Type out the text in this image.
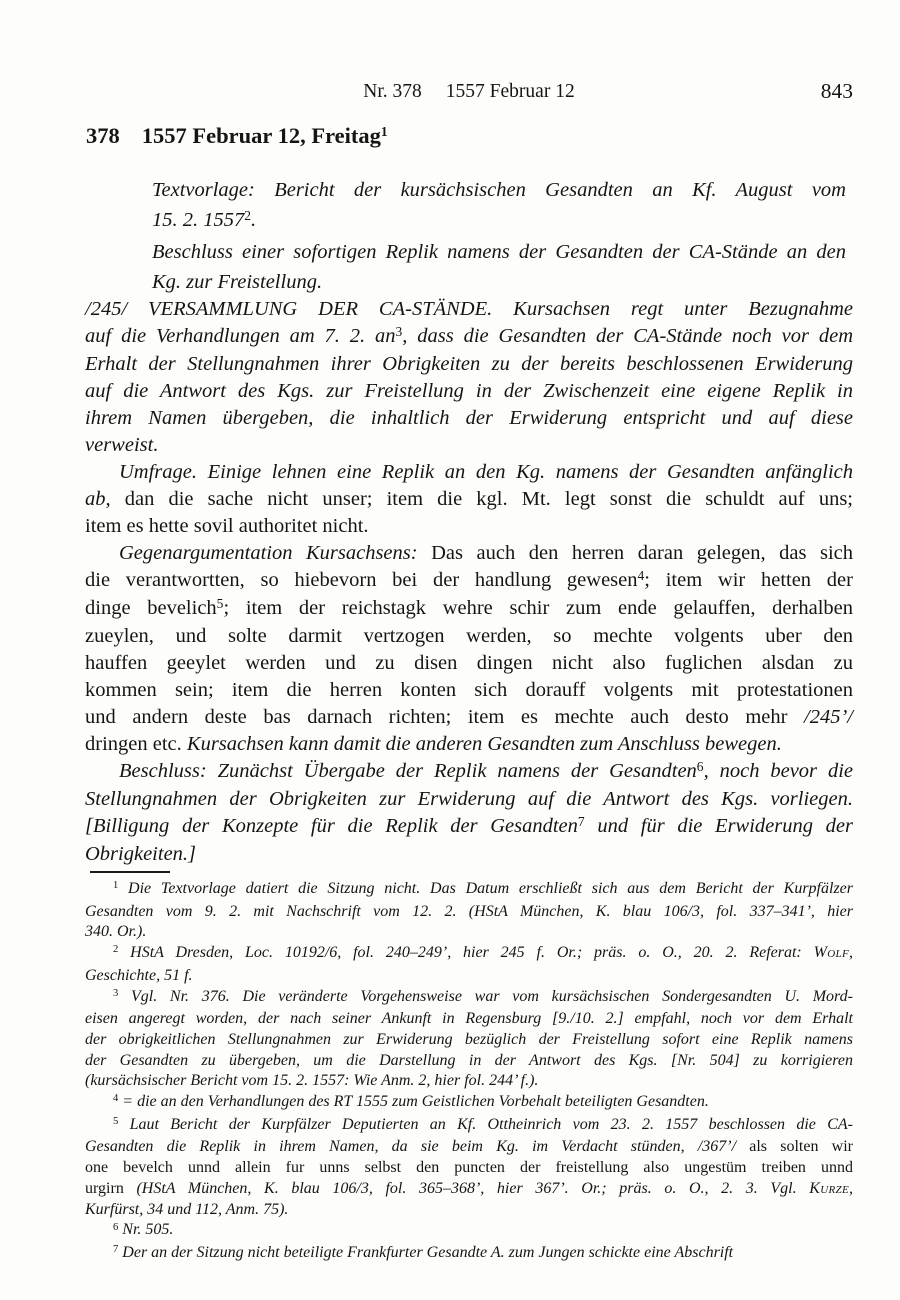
Nr. 378 1557 Februar 12	843
378 1557 Februar 12, Freitag$^1$
Textvorlage: Bericht der kursächsischen Gesandten an Kf. August vom
15. 2. 1557$^2$.
Beschluss einer sofortigen Replik namens der Gesandten der CA-Stände an den
Kg. zur Freistellung.
/245/ VERSAMMLUNG DER CA-STÄNDE. Kursachsen regt unter Bezugnahme
auf die Verhandlungen am 7. 2. $an^3$, dass die Gesandten der CA-Stände noch vor dem
Erhalt der Stellungnahmen ihrer Obrigkeiten zu der bereits beschlossenen Erwiderung
auf die Antwort des Kgs. zur Freistellung in der Zwischenzeit eine eigene Replik in
ihrem Namen übergeben, die inhaltlich der Erwiderung entspricht und auf diese
verweist.
Umfrage. Einige lehnen eine Replik an den Kg. namens der Gesandten anfänglich
ab, dan die sache nicht unser; item die kgl. Mt. legt sonst die schuldt auf uns;
item es hette sovil authoritet nicht.
Gegenargumentation Kursachsens: Das auch den herren daran gelegen, das sich
die verantwortten, so hiebevorn bei der handlung gewesen$^4$; item wir hetten der
dinge bevelich$^5$; item der reichstagk wehre schir zum ende gelauffen, derhalben
zueylen, und solte darmit vertzogen werden, so mechte volgents uber den
hauffen geeylet werden und zu disen dingen nicht also fuglichen alsdan zu
kommen sein; item die herren konten sich dorauff volgents mit protestationen
und andern deste bas darnach richten; item es mechte auch desto mehr /245’/
dringen etc. Kursachsen kann damit die anderen Gesandten zum Anschluss bewegen.
Beschluss: Zunächst Übergabe der Replik namens der Gesandten$^6$, noch bevor die
Stellungnahmen der Obrigkeiten zur Erwiderung auf die Antwort des Kgs. vorliegen.
[Billigung der Konzepte für die Replik der Gesandten$^7$ und für die Erwiderung der
Obrigkeiten.]
$^1$ Die Textvorlage datiert die Sitzung nicht. Das Datum erschließt sich aus dem Bericht der Kurpfälzer
Gesandten vom 9. 2. mit Nachschrift vom 12. 2. (HStA München, K. blau 106/3, fol. 337–341’, hier
340. Or.).
$^2$ HStA Dresden, Loc. 10192/6, fol. 240–249’, hier 245 f. Or.; präs. o. O., 20. 2. Referat: Wolf,
Geschichte, 51 f.
$^3$ Vgl. Nr. 376. Die veränderte Vorgehensweise war vom kursächsischen Sondergesandten U. Mord-
eisen angeregt worden, der nach seiner Ankunft in Regensburg [9./10. 2.] empfahl, noch vor dem Erhalt
der obrigkeitlichen Stellungnahmen zur Erwiderung bezüglich der Freistellung sofort eine Replik namens
der Gesandten zu übergeben, um die Darstellung in der Antwort des Kgs. [Nr. 504] zu korrigieren
(kursächsischer Bericht vom 15. 2. 1557: Wie Anm. 2, hier fol. 244’ f.).
$^4$ = die an den Verhandlungen des RT 1555 zum Geistlichen Vorbehalt beteiligten Gesandten.
$^5$ Laut Bericht der Kurpfälzer Deputierten an Kf. Ottheinrich vom 23. 2. 1557 beschlossen die CA-
Gesandten die Replik in ihrem Namen, da sie beim Kg. im Verdacht stünden, /367’/ als solten wir
one bevelch unnd allein fur unns selbst den puncten der freistellung also ungestüm treiben unnd
urgirn (HStA München, K. blau 106/3, fol. 365–368’, hier 367’. Or.; präs. o. O., 2. 3. Vgl. Kurze,
Kurfürst, 34 und 112, Anm. 75).
$^6$ Nr. 505.
$^7$ Der an der Sitzung nicht beteiligte Frankfurter Gesandte A. zum Jungen schickte eine Abschrift
